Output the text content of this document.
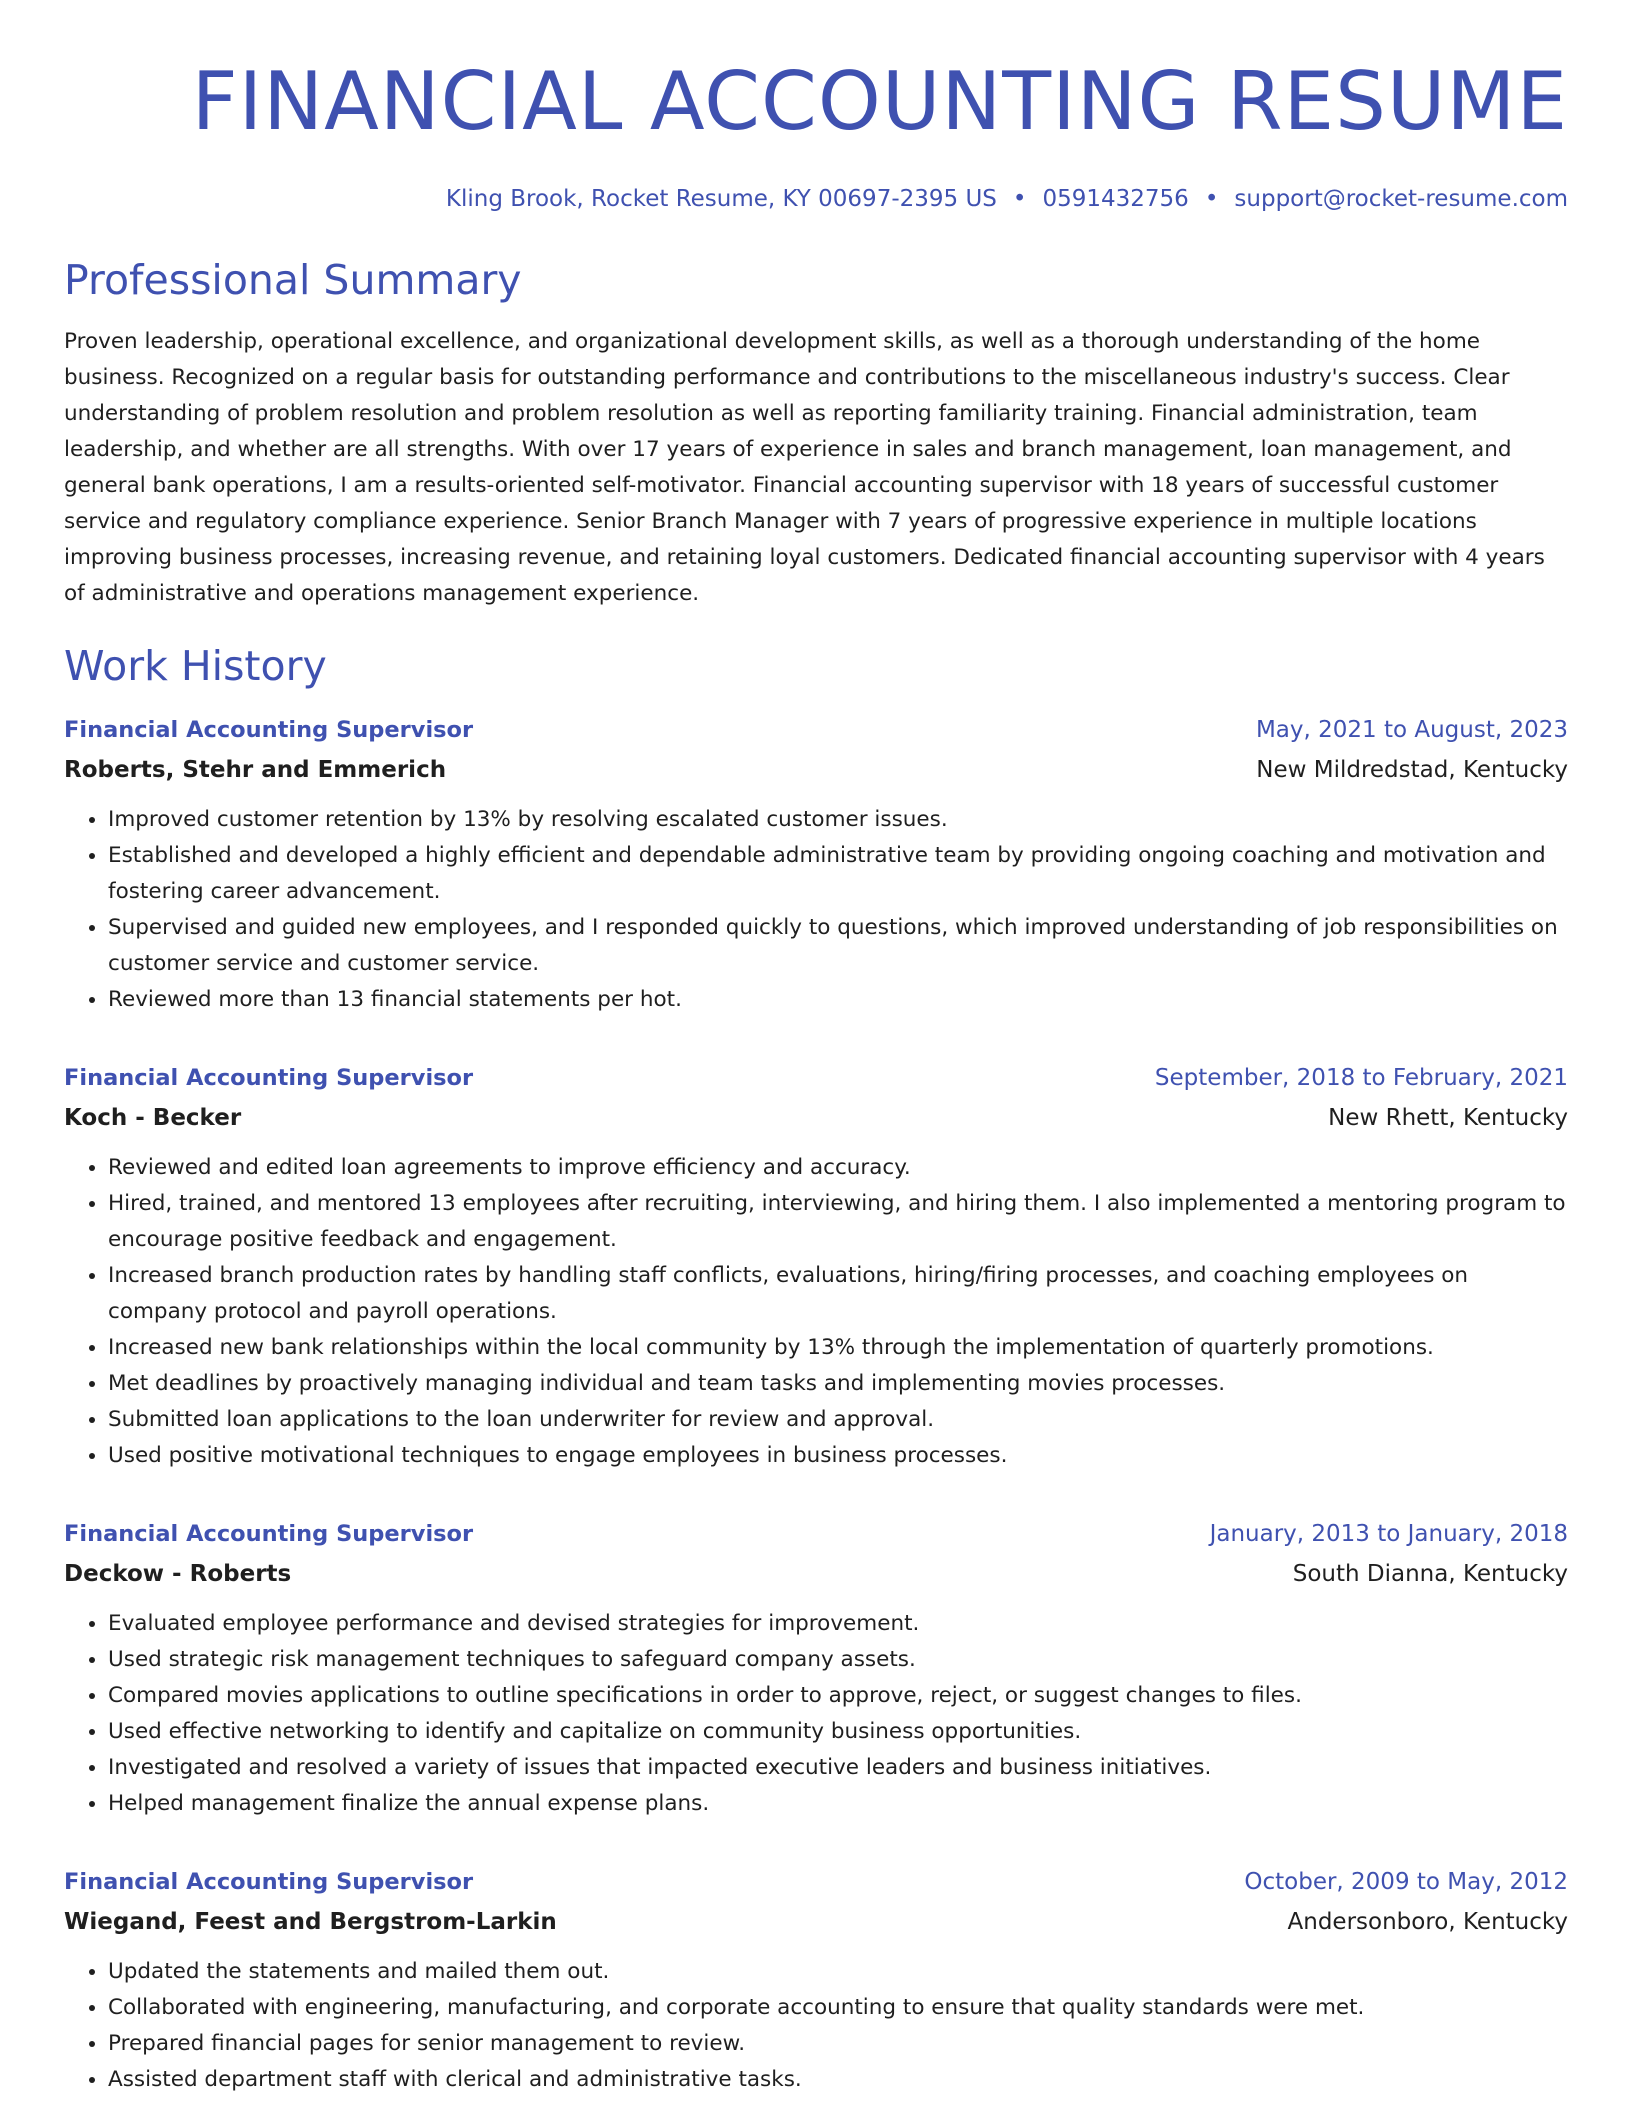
FINANCIAL ACCOUNTING RESUME
Kling Brook, Rocket Resume, KY 00697-2395 US • 0591432756 • support@rocket-resume.com
Professional Summary

Proven leadership, operational excellence, and organizational development skills, as well as a thorough understanding of the home business. Recognized on a regular basis for outstanding performance and contributions to the miscellaneous industry's success. Clear understanding of problem resolution and problem resolution as well as reporting familiarity training. Financial administration, team leadership, and whether are all strengths. With over 17 years of experience in sales and branch management, loan management, and general bank operations, I am a results-oriented self-motivator. Financial accounting supervisor with 18 years of successful customer service and regulatory compliance experience. Senior Branch Manager with 7 years of progressive experience in multiple locations improving business processes, increasing revenue, and retaining loyal customers. Dedicated financial accounting supervisor with 4 years of administrative and operations management experience.

Work History
Financial Accounting Supervisor	May, 2021 to August, 2023
Roberts, Stehr and Emmerich	New Mildredstad, Kentucky
• Improved customer retention by 13% by resolving escalated customer issues.
• Established and developed a highly efficient and dependable administrative team by providing ongoing coaching and motivation and fostering career advancement.
• Supervised and guided new employees, and I responded quickly to questions, which improved understanding of job responsibilities on customer service and customer service.
• Reviewed more than 13 financial statements per hot.
Financial Accounting Supervisor	September, 2018 to February, 2021
Koch - Becker	New Rhett, Kentucky
• Reviewed and edited loan agreements to improve efficiency and accuracy.
• Hired, trained, and mentored 13 employees after recruiting, interviewing, and hiring them. I also implemented a mentoring program to encourage positive feedback and engagement.
• Increased branch production rates by handling staff conflicts, evaluations, hiring/firing processes, and coaching employees on company protocol and payroll operations.
• Increased new bank relationships within the local community by 13% through the implementation of quarterly promotions.
• Met deadlines by proactively managing individual and team tasks and implementing movies processes.
• Submitted loan applications to the loan underwriter for review and approval.
• Used positive motivational techniques to engage employees in business processes.
Financial Accounting Supervisor	January, 2013 to January, 2018
Deckow - Roberts	South Dianna, Kentucky
• Evaluated employee performance and devised strategies for improvement.
• Used strategic risk management techniques to safeguard company assets.
• Compared movies applications to outline specifications in order to approve, reject, or suggest changes to files.
• Used effective networking to identify and capitalize on community business opportunities.
• Investigated and resolved a variety of issues that impacted executive leaders and business initiatives.
• Helped management finalize the annual expense plans.
Financial Accounting Supervisor	October, 2009 to May, 2012
Wiegand, Feest and Bergstrom-Larkin	Andersonboro, Kentucky
• Updated the statements and mailed them out.
• Collaborated with engineering, manufacturing, and corporate accounting to ensure that quality standards were met.
• Prepared financial pages for senior management to review.
• Assisted department staff with clerical and administrative tasks.
